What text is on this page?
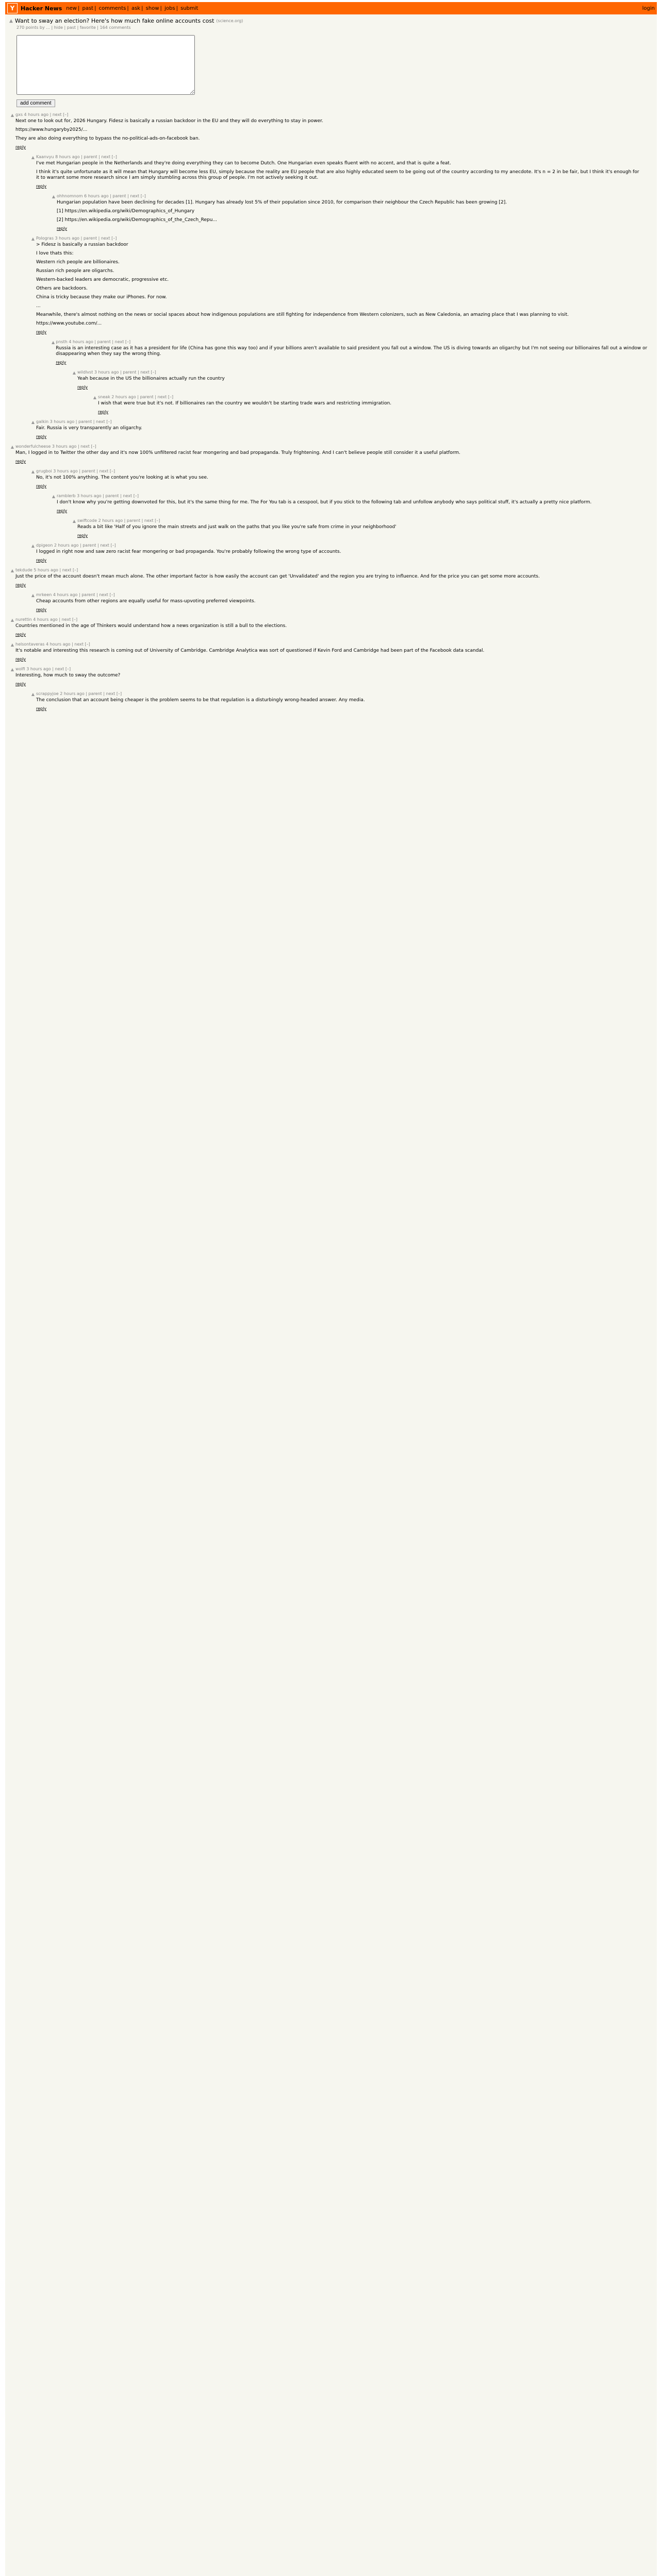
Y	Hacker News new | past | comments | ask | show | jobs | submit	login
▲ Want to sway an election? Here's how much fake online accounts cost (science.org)
270 points by ... | hide | past | favorite | 164 comments

add comment
▲ gxs 4 hours ago | next [–]

Next one to look out for, 2026 Hungary. Fidesz is basically a russian backdoor in the EU and they will do everything to stay in power.

https://www.hungaryby2025/...

They are also doing everything to bypass the no-political-ads-on-facebook ban.

reply
▲ Kaanvyu 8 hours ago | parent | next [–]

I've met Hungarian people in the Netherlands and they're doing everything they can to become Dutch. One Hungarian even speaks fluent with no accent, and that is quite a feat.

I think it's quite unfortunate as it will mean that Hungary will become less EU, simply because the reality are EU people that are also highly educated seem to be going out of the country according to my anecdote. It's n = 2 in be fair, but I think it's enough for it to warrant some more research since I am simply stumbling across this group of people. I'm not actively seeking it out.

reply
▲ ohhnomnom 6 hours ago | parent | next [–]

Hungarian population have been declining for decades [1]. Hungary has already lost 5% of their population since 2010, for comparison their neighbour the Czech Republic has been growing [2].

[1] https://en.wikipedia.org/wiki/Demographics_of_Hungary

[2] https://en.wikipedia.org/wiki/Demographics_of_the_Czech_Repu...

reply
▲ Pologras 3 hours ago | parent | next [–]

> Fidesz is basically a russian backdoor

I love thats this:

Western rich people are billionaires.

Russian rich people are oligarchs.

Western-backed leaders are democratic, progressive etc.

Others are backdoors.

China is tricky because they make our iPhones. For now.

...

Meanwhile, there's almost nothing on the news or social spaces about how indigenous populations are still fighting for independence from Western colonizers, such as New Caledonia, an amazing place that I was planning to visit.

https://www.youtube.com/...

reply
▲ pnsth 4 hours ago | parent | next [–]

Russia is an interesting case as it has a president for life (China has gone this way too) and if your billions aren't available to said president you fall out a window. The US is diving towards an oligarchy but I'm not seeing our billionaires fall out a window or disappearing when they say the wrong thing.

reply
▲ wildlvst 3 hours ago | parent | next [–]

Yeah because in the US the billionaires actually run the country

reply
▲ sneak 2 hours ago | parent | next [–]

I wish that were true but it's not. If billionaires ran the country we wouldn't be starting trade wars and restricting immigration.

reply
▲ galkin 3 hours ago | parent | next [–]

Fair. Russia is very transparently an oligarchy.

reply
▲ wonderfulcheese 3 hours ago | next [–]

Man, I logged in to Twitter the other day and it's now 100% unfiltered racist fear mongering and bad propaganda. Truly frightening. And I can't believe people still consider it a useful platform.

reply
▲ grugboi 3 hours ago | parent | next [–]

No, it's not 100% anything. The content you're looking at is what you see.

reply
▲ ramblerb 3 hours ago | parent | next [–]

I don't know why you're getting downvoted for this, but it's the same thing for me. The For You tab is a cesspool, but if you stick to the following tab and unfollow anybody who says political stuff, it's actually a pretty nice platform.

reply
▲ swiftcode 2 hours ago | parent | next [–]

Reads a bit like 'Half of you ignore the main streets and just walk on the paths that you like you're safe from crime in your neighborhood'

reply
▲ dpigeon 2 hours ago | parent | next [–]

I logged in right now and saw zero racist fear mongering or bad propaganda. You're probably following the wrong type of accounts.

reply
▲ tekdude 5 hours ago | next [–]

Just the price of the account doesn't mean much alone. The other important factor is how easily the account can get 'Unvalidated' and the region you are trying to influence. And for the price you can get some more accounts.

reply
▲ mrkeen 4 hours ago | parent | next [–]

Cheap accounts from other regions are equally useful for mass-upvoting preferred viewpoints.

reply
▲ nurettin 4 hours ago | next [–]

Countries mentioned in the age of Thinkers would understand how a news organization is still a bull to the elections.

reply
▲ helsontaveras 4 hours ago | next [–]

It's notable and interesting this research is coming out of University of Cambridge. Cambridge Analytica was sort of questioned if Kevin Ford and Cambridge had been part of the Facebook data scandal.

reply
▲ wolfi 3 hours ago | next [–]

Interesting, how much to sway the outcome?

reply
▲ scrappyjoe 2 hours ago | parent | next [–]

The conclusion that an account being cheaper is the problem seems to be that regulation is a disturbingly wrong-headed answer. Any media.

reply
